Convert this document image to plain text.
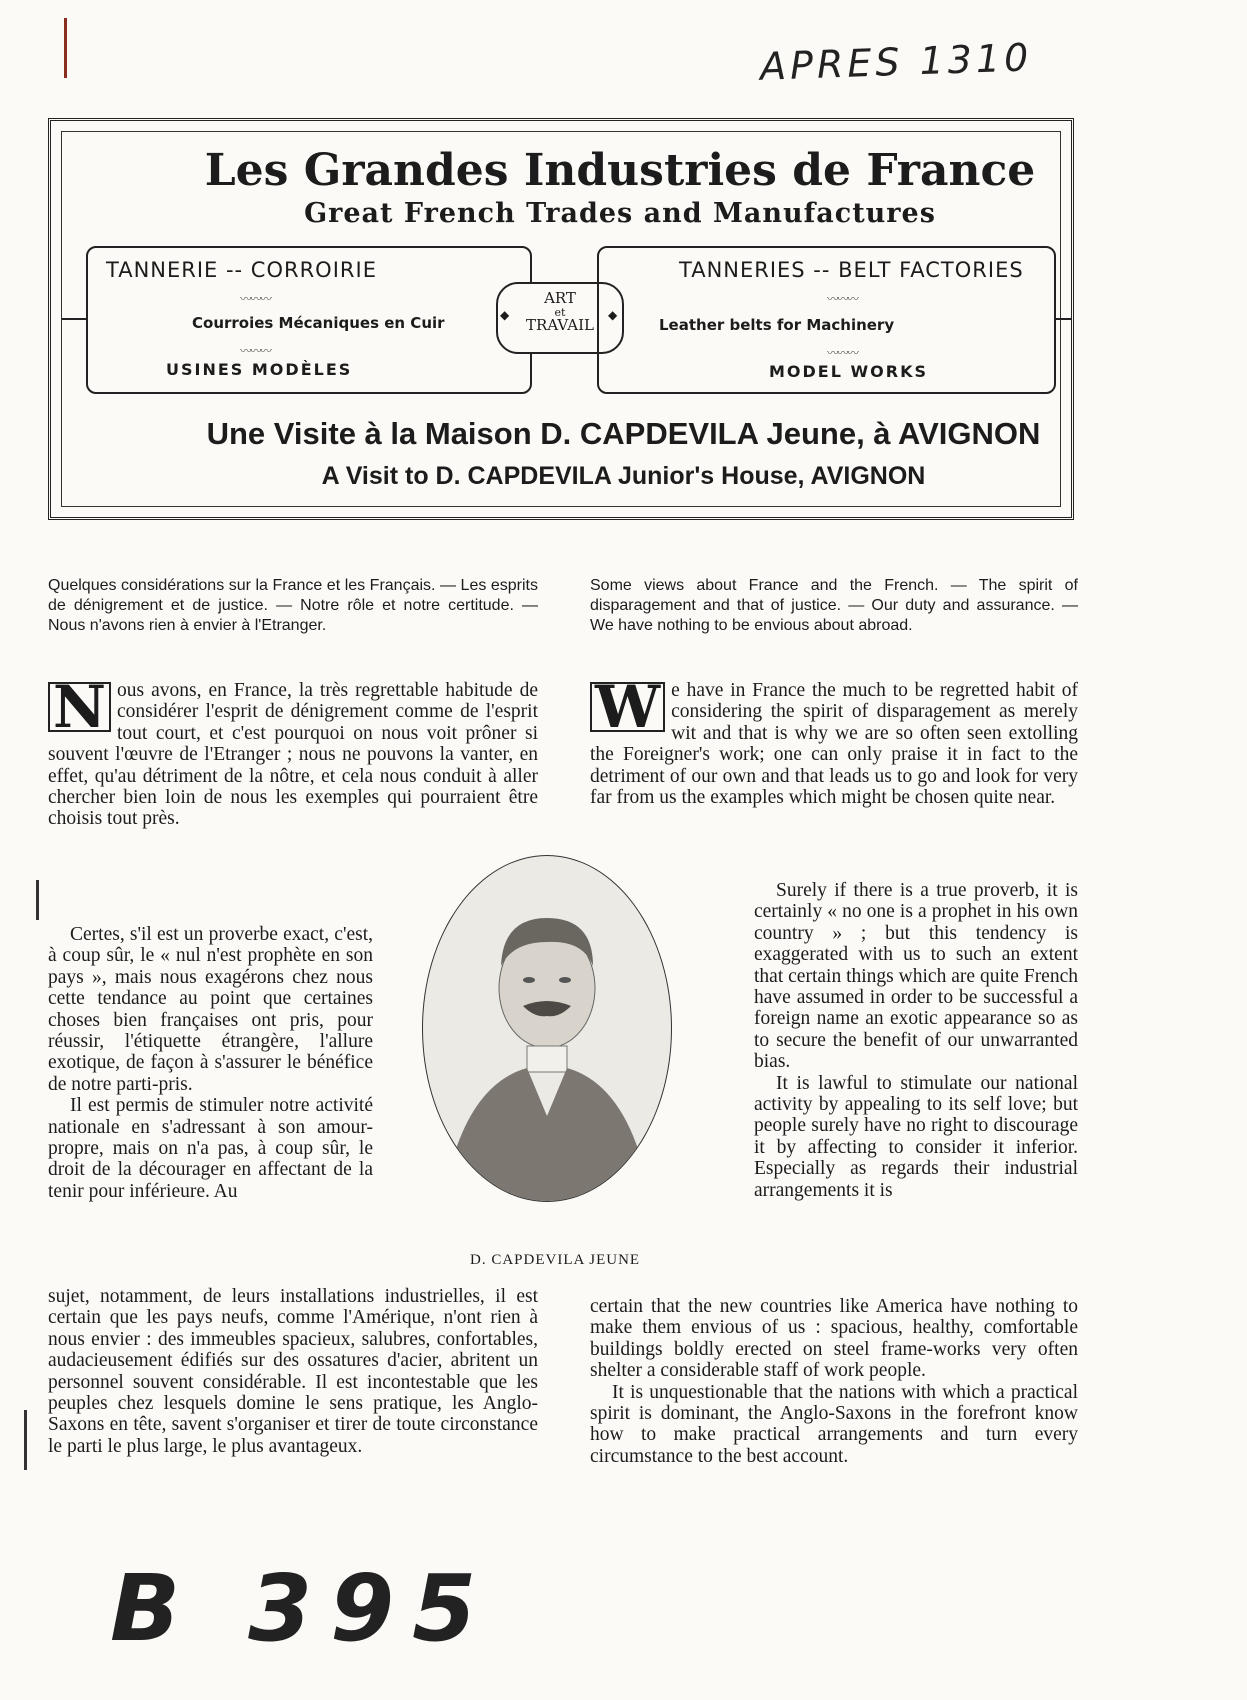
APRES 1310
Les Grandes Industries de France
Great French Trades and Manufactures
TANNERIE -- CORROIRIE
〰〰〰
Courroies Mécaniques en Cuir
〰〰〰
USINES MODÈLES
ART
et
TRAVAIL
◆	◆
TANNERIES -- BELT FACTORIES
〰〰〰
Leather belts for Machinery
〰〰〰
MODEL WORKS
Une Visite à la Maison D. CAPDEVILA Jeune, à AVIGNON
A Visit to D. CAPDEVILA Junior's House, AVIGNON
Quelques considérations sur la France et les Français. — Les esprits de dénigrement et de justice. — Notre rôle et notre certitude. — Nous n'avons rien à envier à l'Etranger.
Some views about France and the French. — The spirit of disparagement and that of justice. — Our duty and assurance. — We have nothing to be envious about abroad.
N ous avons, en France, la très regrettable habitude de considérer l'esprit de dénigrement comme de l'esprit tout court, et c'est pourquoi on nous voit prôner si souvent l'œuvre de l'Etranger ; nous ne pouvons la vanter, en effet, qu'au détriment de la nôtre, et cela nous conduit à aller chercher bien loin de nous les exemples qui pourraient être choisis tout près.

Certes, s'il est un proverbe exact, c'est, à coup sûr, le « nul n'est prophète en son pays », mais nous exagérons chez nous cette tendance au point que certaines choses bien françaises ont pris, pour réussir, l'étiquette étrangère, l'allure exotique, de façon à s'assurer le bénéfice de notre parti-pris.

Il est permis de stimuler notre activité nationale en s'adressant à son amour-propre, mais on n'a pas, à coup sûr, le droit de la décourager en affectant de la tenir pour inférieure. Au

sujet, notamment, de leurs installations industrielles, il est certain que les pays neufs, comme l'Amérique, n'ont rien à nous envier : des immeubles spacieux, salubres, confortables, audacieusement édifiés sur des ossatures d'acier, abritent un personnel souvent considérable. Il est incontestable que les peuples chez lesquels domine le sens pratique, les Anglo-Saxons en tête, savent s'organiser et tirer de toute circonstance le parti le plus large, le plus avantageux.

W e have in France the much to be regretted habit of considering the spirit of disparagement as merely wit and that is why we are so often seen extolling the Foreigner's work; one can only praise it in fact to the detriment of our own and that leads us to go and look for very far from us the examples which might be chosen quite near.

Surely if there is a true proverb, it is certainly « no one is a prophet in his own country » ; but this tendency is exaggerated with us to such an extent that certain things which are quite French have assumed in order to be successful a foreign name an exotic appearance so as to secure the benefit of our unwarranted bias.

It is lawful to stimulate our national activity by appealing to its self love; but people surely have no right to discourage it by affecting to consider it inferior. Especially as regards their industrial arrangements it is

certain that the new countries like America have nothing to make them envious of us : spacious, healthy, comfortable buildings boldly erected on steel frame-works very often shelter a considerable staff of work people.

It is unquestionable that the nations with which a practical spirit is dominant, the Anglo-Saxons in the forefront know how to make practical arrangements and turn every circumstance to the best account.

D. CAPDEVILA JEUNE
B 395
